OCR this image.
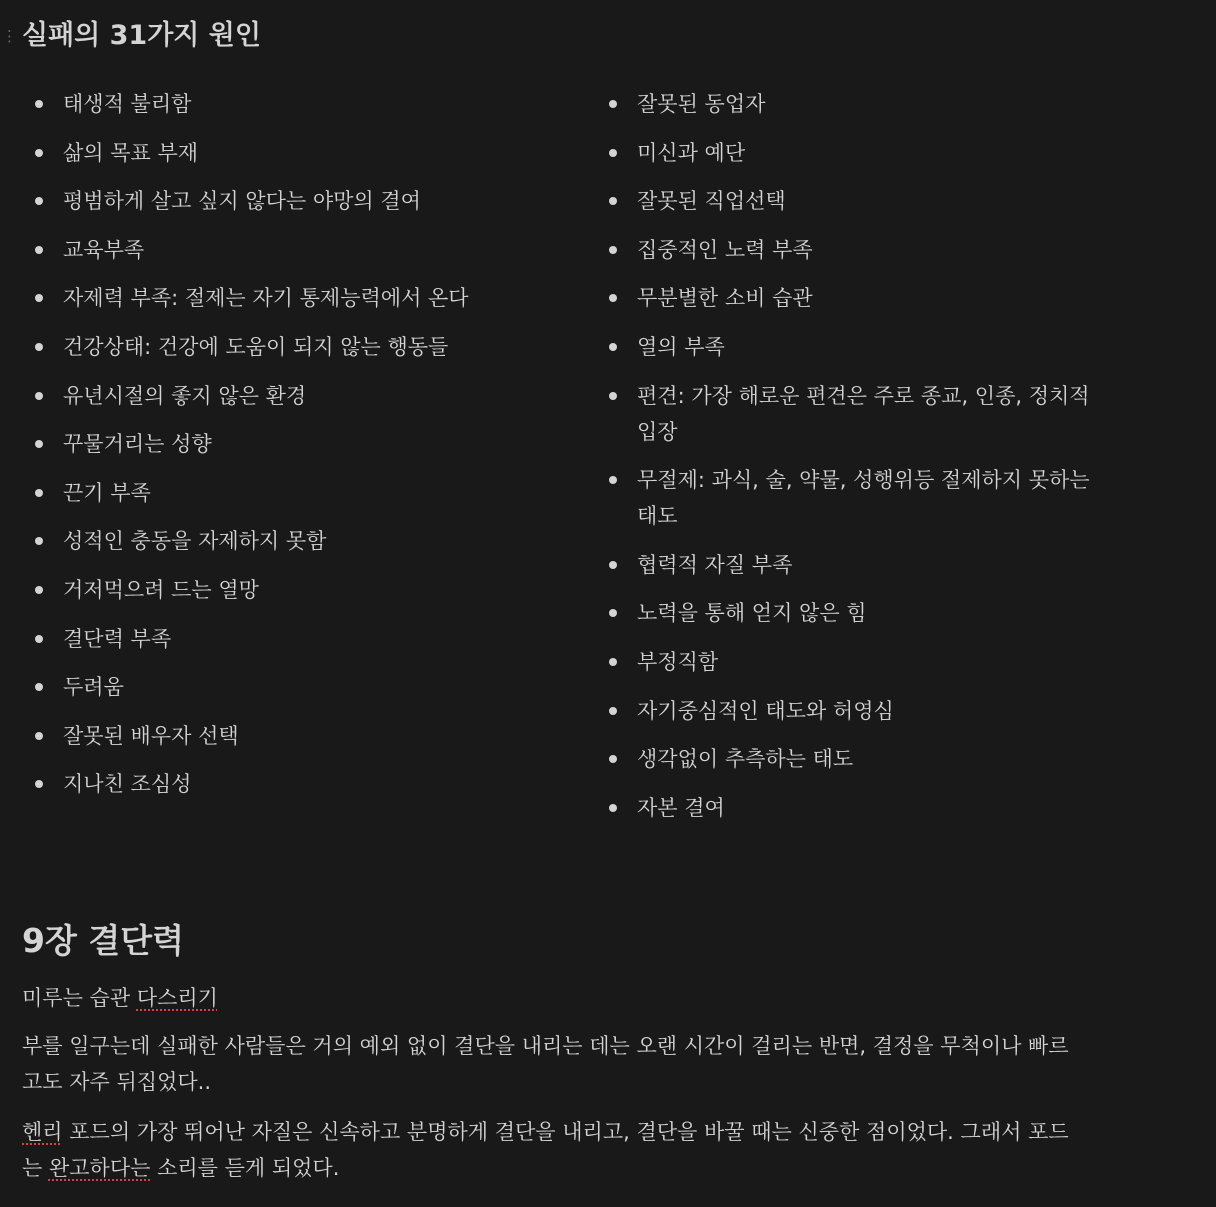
⋮ 실패의 31가지 원인
태생적 불리함
삶의 목표 부재
평범하게 살고 싶지 않다는 야망의 결여
교육부족
자제력 부족: 절제는 자기 통제능력에서 온다
건강상태: 건강에 도움이 되지 않는 행동들
유년시절의 좋지 않은 환경
꾸물거리는 성향
끈기 부족
성적인 충동을 자제하지 못함
거저먹으려 드는 열망
결단력 부족
두려움
잘못된 배우자 선택
지나친 조심성
잘못된 동업자
미신과 예단
잘못된 직업선택
집중적인 노력 부족
무분별한 소비 습관
열의 부족
편견: 가장 해로운 편견은 주로 종교, 인종, 정치적입장
무절제: 과식, 술, 약물, 성행위등 절제하지 못하는 태도
협력적 자질 부족
노력을 통해 얻지 않은 힘
부정직함
자기중심적인 태도와 허영심
생각없이 추측하는 태도
자본 결여
9장 결단력

미루는 습관 다스리기

부를 일구는데 실패한 사람들은 거의 예외 없이 결단을 내리는 데는 오랜 시간이 걸리는 반면, 결정을 무척이나 빠르고도 자주 뒤집었다..

헨리 포드의 가장 뛰어난 자질은 신속하고 분명하게 결단을 내리고, 결단을 바꿀 때는 신중한 점이었다. 그래서 포드는 완고하다는 소리를 듣게 되었다.
